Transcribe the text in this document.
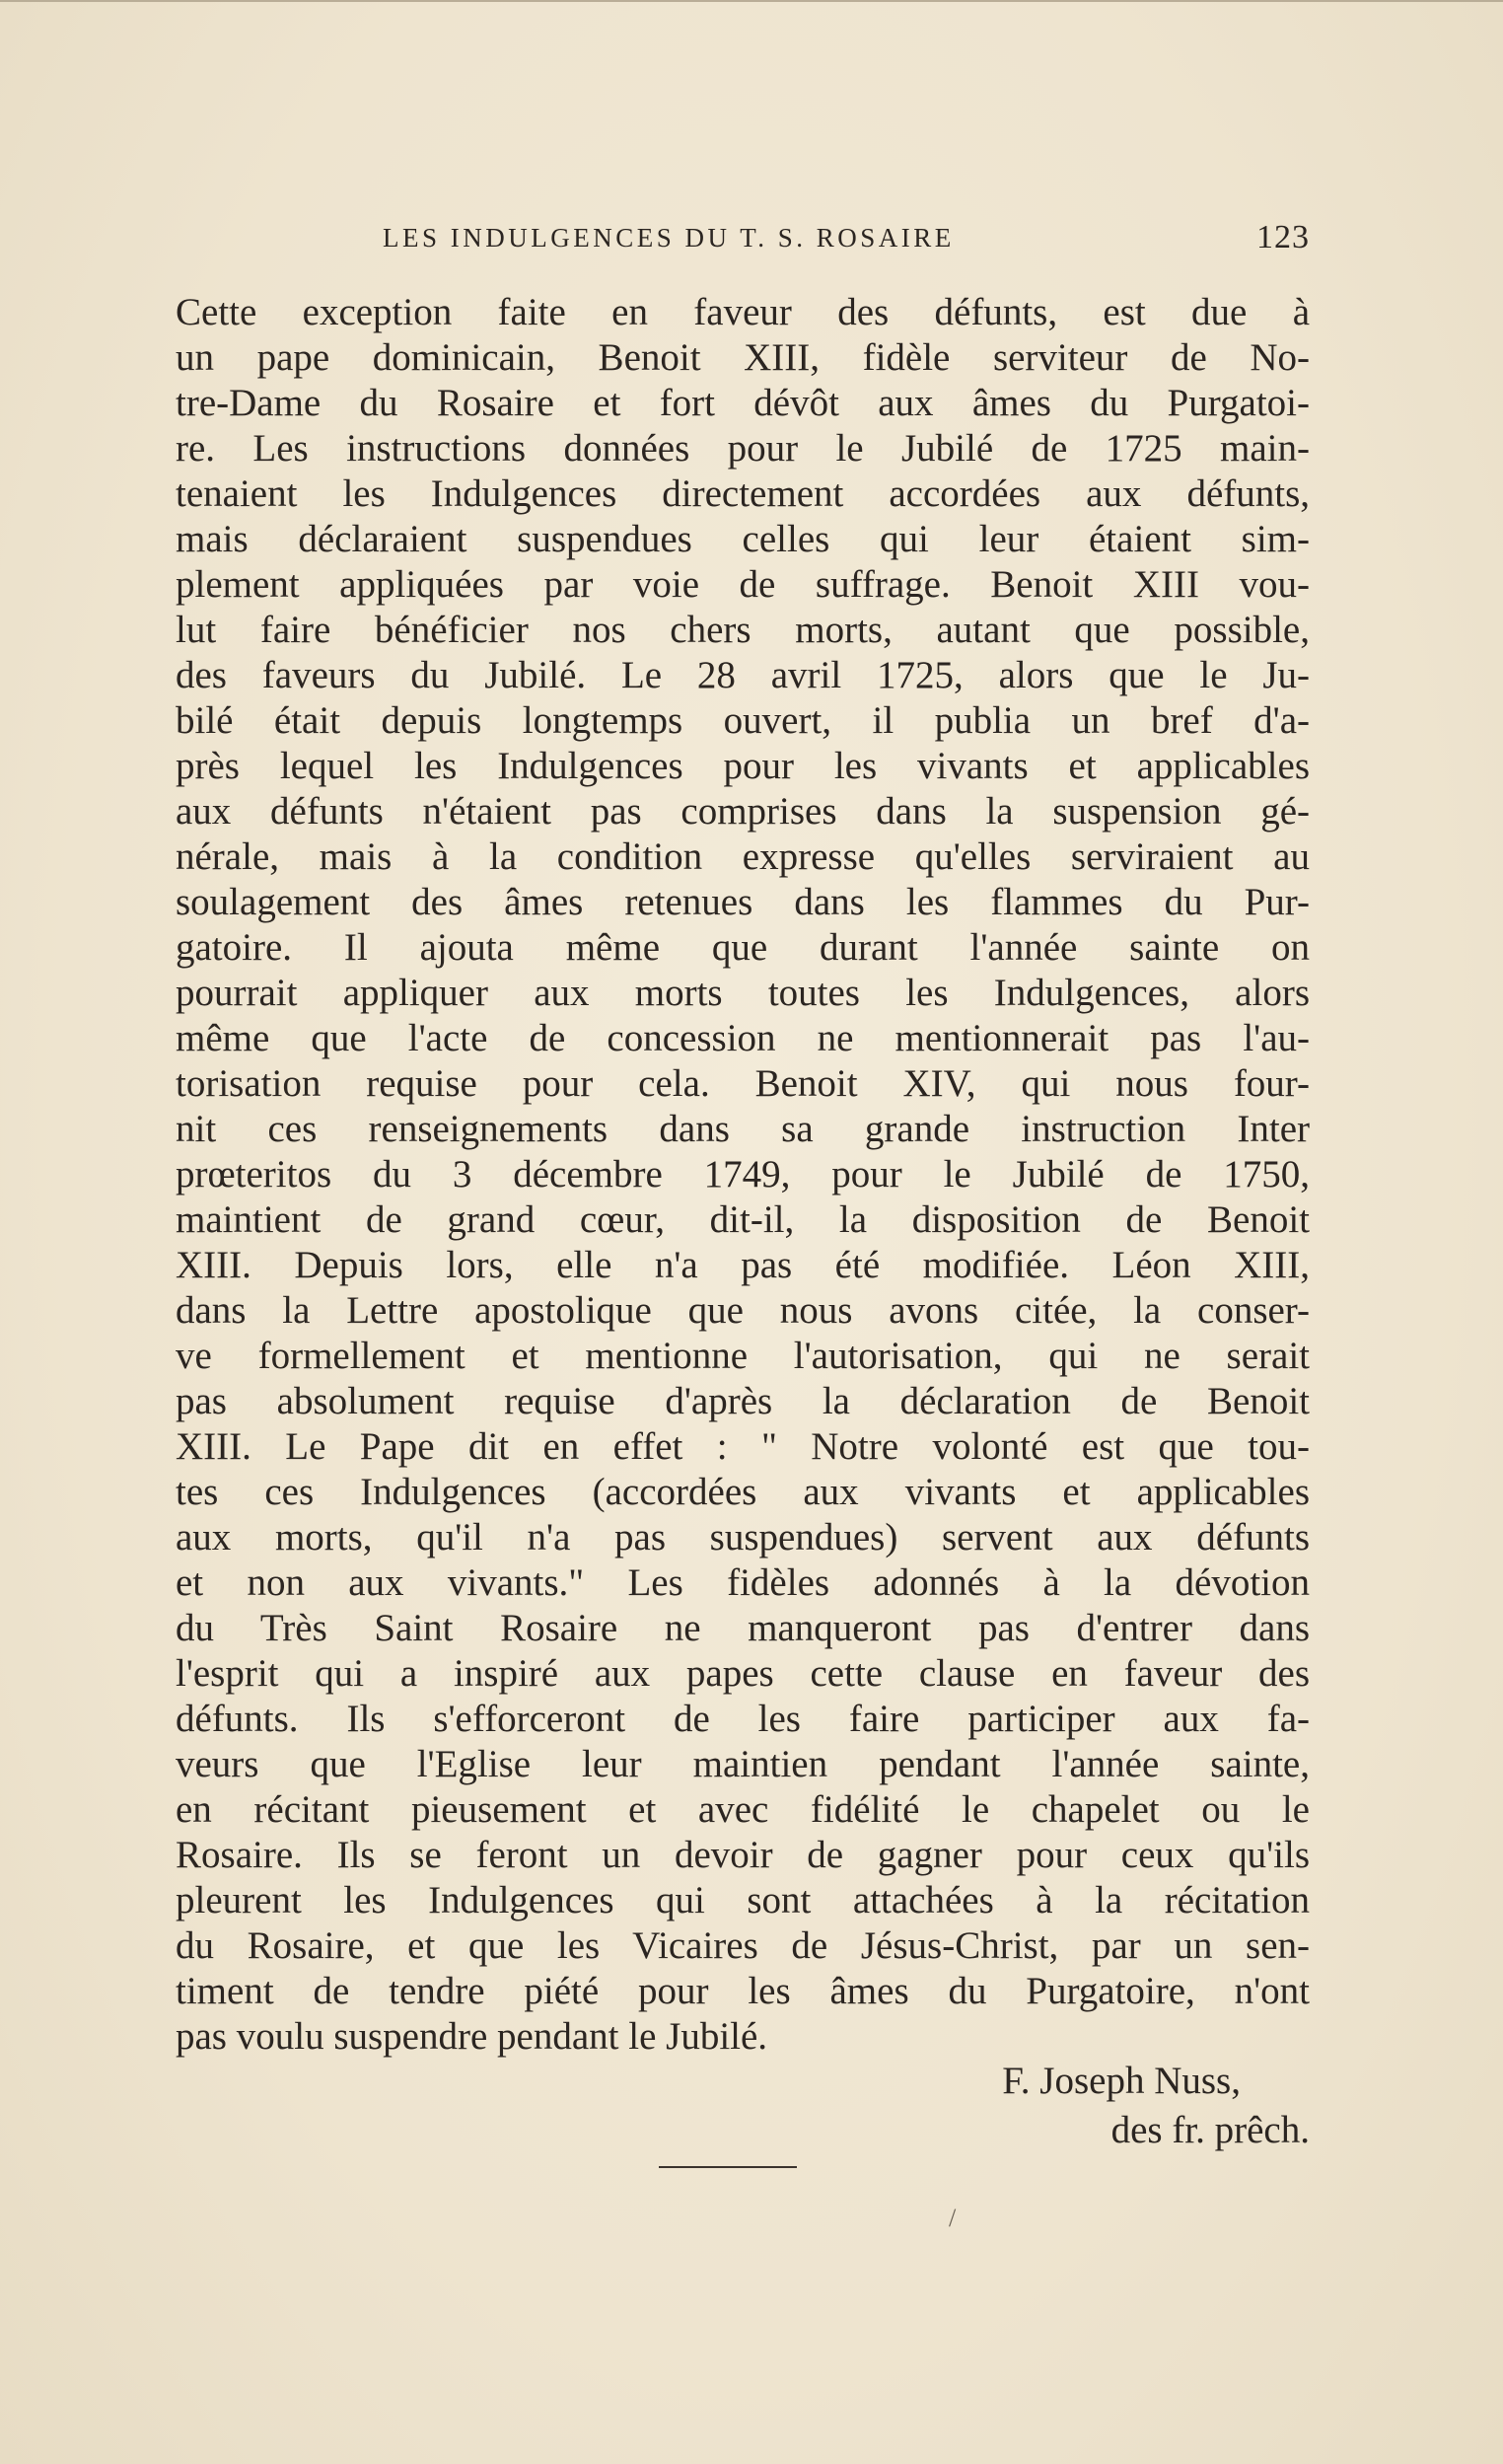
LES INDULGENCES DU T. S. ROSAIRE	123
Cette exception faite en faveur des défunts, est due à
un pape dominicain, Benoit XIII, fidèle serviteur de No-
tre-Dame du Rosaire et fort dévôt aux âmes du Purgatoi-
re. Les instructions données pour le Jubilé de 1725 main-
tenaient les Indulgences directement accordées aux défunts,
mais déclaraient suspendues celles qui leur étaient sim-
plement appliquées par voie de suffrage. Benoit XIII vou-
lut faire bénéficier nos chers morts, autant que possible,
des faveurs du Jubilé. Le 28 avril 1725, alors que le Ju-
bilé était depuis longtemps ouvert, il publia un bref d'a-
près lequel les Indulgences pour les vivants et applicables
aux défunts n'étaient pas comprises dans la suspension gé-
nérale, mais à la condition expresse qu'elles serviraient au
soulagement des âmes retenues dans les flammes du Pur-
gatoire. Il ajouta même que durant l'année sainte on
pourrait appliquer aux morts toutes les Indulgences, alors
même que l'acte de concession ne mentionnerait pas l'au-
torisation requise pour cela. Benoit XIV, qui nous four-
nit ces renseignements dans sa grande instruction Inter
prœteritos du 3 décembre 1749, pour le Jubilé de 1750,
maintient de grand cœur, dit-il, la disposition de Benoit
XIII. Depuis lors, elle n'a pas été modifiée. Léon XIII,
dans la Lettre apostolique que nous avons citée, la conser-
ve formellement et mentionne l'autorisation, qui ne serait
pas absolument requise d'après la déclaration de Benoit
XIII. Le Pape dit en effet : " Notre volonté est que tou-
tes ces Indulgences (accordées aux vivants et applicables
aux morts, qu'il n'a pas suspendues) servent aux défunts
et non aux vivants." Les fidèles adonnés à la dévotion
du Très Saint Rosaire ne manqueront pas d'entrer dans
l'esprit qui a inspiré aux papes cette clause en faveur des
défunts. Ils s'efforceront de les faire participer aux fa-
veurs que l'Eglise leur maintien pendant l'année sainte,
en récitant pieusement et avec fidélité le chapelet ou le
Rosaire. Ils se feront un devoir de gagner pour ceux qu'ils
pleurent les Indulgences qui sont attachées à la récitation
du Rosaire, et que les Vicaires de Jésus-Christ, par un sen-
timent de tendre piété pour les âmes du Purgatoire, n'ont
pas voulu suspendre pendant le Jubilé.
F. Joseph Nuss,
des fr. prêch.
/
